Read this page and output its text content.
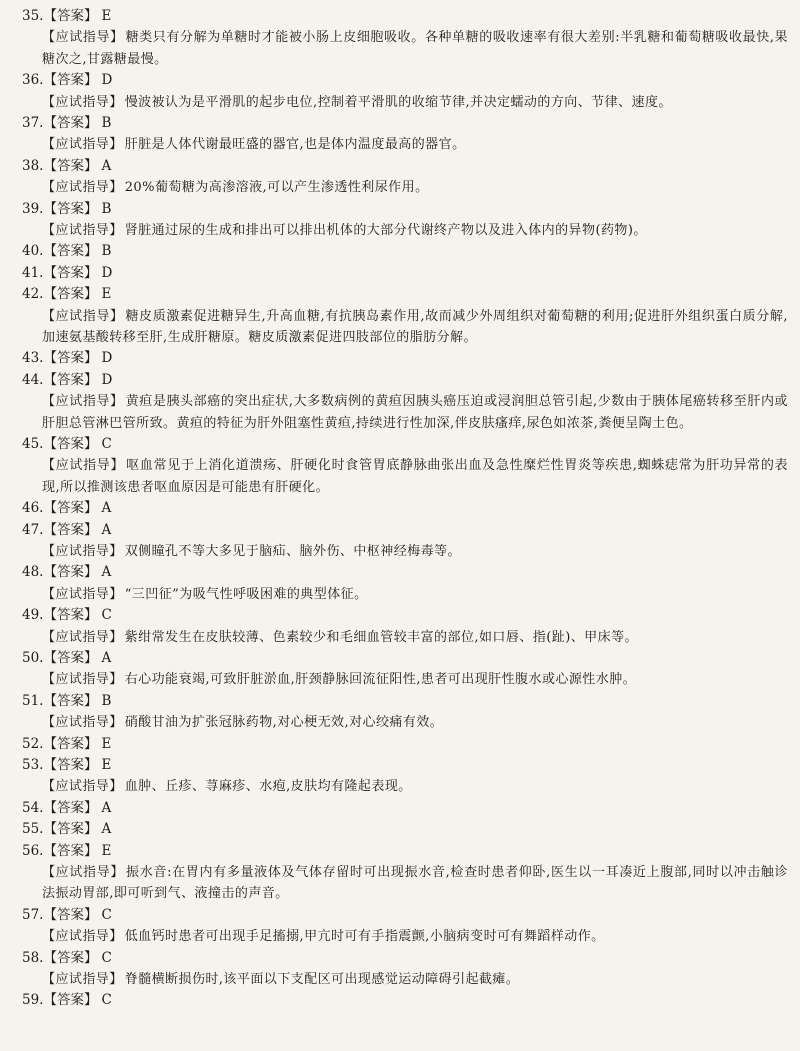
35.【答案】 E
【应试指导】 糖类只有分解为单糖时才能被小肠上皮细胞吸收。各种单糖的吸收速率有很大差别:半乳糖和葡萄糖吸收最快,果糖次之,甘露糖最慢。
36.【答案】 D
【应试指导】 慢波被认为是平滑肌的起步电位,控制着平滑肌的收缩节律,并决定蠕动的方向、节律、速度。
37.【答案】 B
【应试指导】 肝脏是人体代谢最旺盛的器官,也是体内温度最高的器官。
38.【答案】 A
【应试指导】 20%葡萄糖为高渗溶液,可以产生渗透性利尿作用。
39.【答案】 B
【应试指导】 肾脏通过尿的生成和排出可以排出机体的大部分代谢终产物以及进入体内的异物(药物)。
40.【答案】 B
41.【答案】 D
42.【答案】 E
【应试指导】 糖皮质激素促进糖异生,升高血糖,有抗胰岛素作用,故而减少外周组织对葡萄糖的利用;促进肝外组织蛋白质分解,加速氨基酸转移至肝,生成肝糖原。糖皮质激素促进四肢部位的脂肪分解。
43.【答案】 D
44.【答案】 D
【应试指导】 黄疸是胰头部癌的突出症状,大多数病例的黄疸因胰头癌压迫或浸润胆总管引起,少数由于胰体尾癌转移至肝内或肝胆总管淋巴管所致。黄疸的特征为肝外阻塞性黄疸,持续进行性加深,伴皮肤瘙痒,尿色如浓茶,粪便呈陶土色。
45.【答案】 C
【应试指导】 呕血常见于上消化道溃疡、肝硬化时食管胃底静脉曲张出血及急性糜烂性胃炎等疾患,蜘蛛痣常为肝功异常的表现,所以推测该患者呕血原因是可能患有肝硬化。
46.【答案】 A
47.【答案】 A
【应试指导】 双侧瞳孔不等大多见于脑疝、脑外伤、中枢神经梅毒等。
48.【答案】 A
【应试指导】 “三凹征”为吸气性呼吸困难的典型体征。
49.【答案】 C
【应试指导】 紫绀常发生在皮肤较薄、色素较少和毛细血管较丰富的部位,如口唇、指(趾)、甲床等。
50.【答案】 A
【应试指导】 右心功能衰竭,可致肝脏淤血,肝颈静脉回流征阳性,患者可出现肝性腹水或心源性水肿。
51.【答案】 B
【应试指导】 硝酸甘油为扩张冠脉药物,对心梗无效,对心绞痛有效。
52.【答案】 E
53.【答案】 E
【应试指导】 血肿、丘疹、荨麻疹、水疱,皮肤均有隆起表现。
54.【答案】 A
55.【答案】 A
56.【答案】 E
【应试指导】 振水音:在胃内有多量液体及气体存留时可出现振水音,检查时患者仰卧,医生以一耳凑近上腹部,同时以冲击触诊法振动胃部,即可听到气、液撞击的声音。
57.【答案】 C
【应试指导】 低血钙时患者可出现手足搐搦,甲亢时可有手指震颤,小脑病变时可有舞蹈样动作。
58.【答案】 C
【应试指导】 脊髓横断损伤时,该平面以下支配区可出现感觉运动障碍引起截瘫。
59.【答案】 C
